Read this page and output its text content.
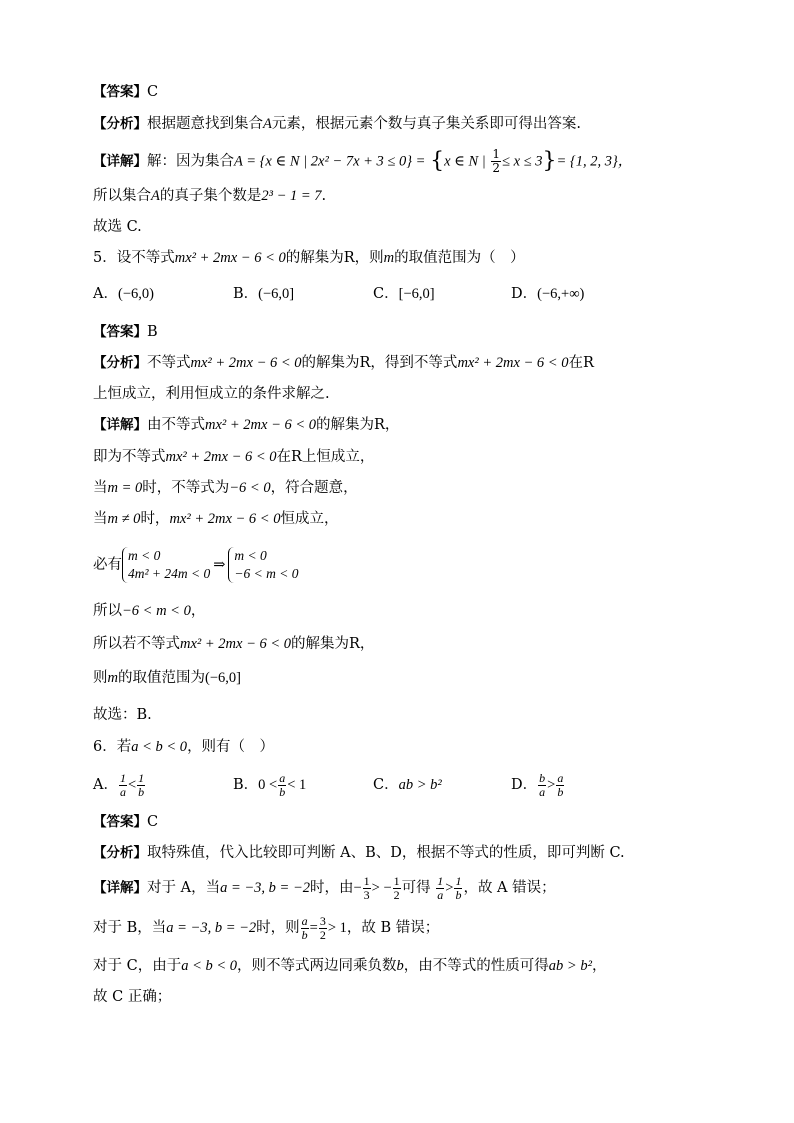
【答案】C
【分析】根据题意找到集合A元素，根据元素个数与真子集关系即可得出答案.
【详解】解：因为集合A = {x ∈ N | 2x² − 7x + 3 ≤ 0} = {x ∈ N | $\frac{1}{2} \le x \le 3\}= \{1$, 2, 3}，
所以集合A的真子集个数是2³ − 1 = 7.
故选 C.
5．设不等式mx² + 2mx − 6 < 0的解集为R，则m的取值范围为（　）
A．(−6,0)	B．(−6,0]	C．[−6,0]	D．(−6,+∞)
【答案】B
【分析】不等式mx² + 2mx − 6 < 0的解集为R，得到不等式mx² + 2mx − 6 < 0在R
上恒成立，利用恒成立的条件求解之.
【详解】由不等式mx² + 2mx − 6 < 0的解集为R，
即为不等式mx² + 2mx − 6 < 0在R上恒成立，
当m = 0时，不等式为−6 < 0，符合题意，
当m ≠ 0时，mx² + 2mx − 6 < 0恒成立，
必有
m < 0
4m² + 24m < 0
⇒
m < 0
−6 < m < 0
所以−6 < m < 0，
所以若不等式mx² + 2mx − 6 < 0的解集为R，
则m的取值范围为(−6,0]
故选：B.
6．若a < b < 0，则有（　）
A． $\frac{1}{a} < \frac{1}{b}$	B．$0 < \frac{a}{b} < 1$	C．ab > b²	D． $\frac{b}{a} > \frac{a}{b}$
【答案】C
【分析】取特殊值，代入比较即可判断 A、B、D，根据不等式的性质，即可判断 C.
【详解】对于 A，当a = −3, b = −2时，由− $\frac{1}{3}$ > − $\frac{1}{2}$ 可得 $\frac{1}{a} > \frac{1}{b}$ ，故 A 错误；
对于 B，当a = −3, b = −2时，则 $\frac{a}{b} = \frac{3}{2} > 1$，故 B 错误；
对于 C，由于a < b < 0，则不等式两边同乘负数b，由不等式的性质可得ab > b²，
故 C 正确；
